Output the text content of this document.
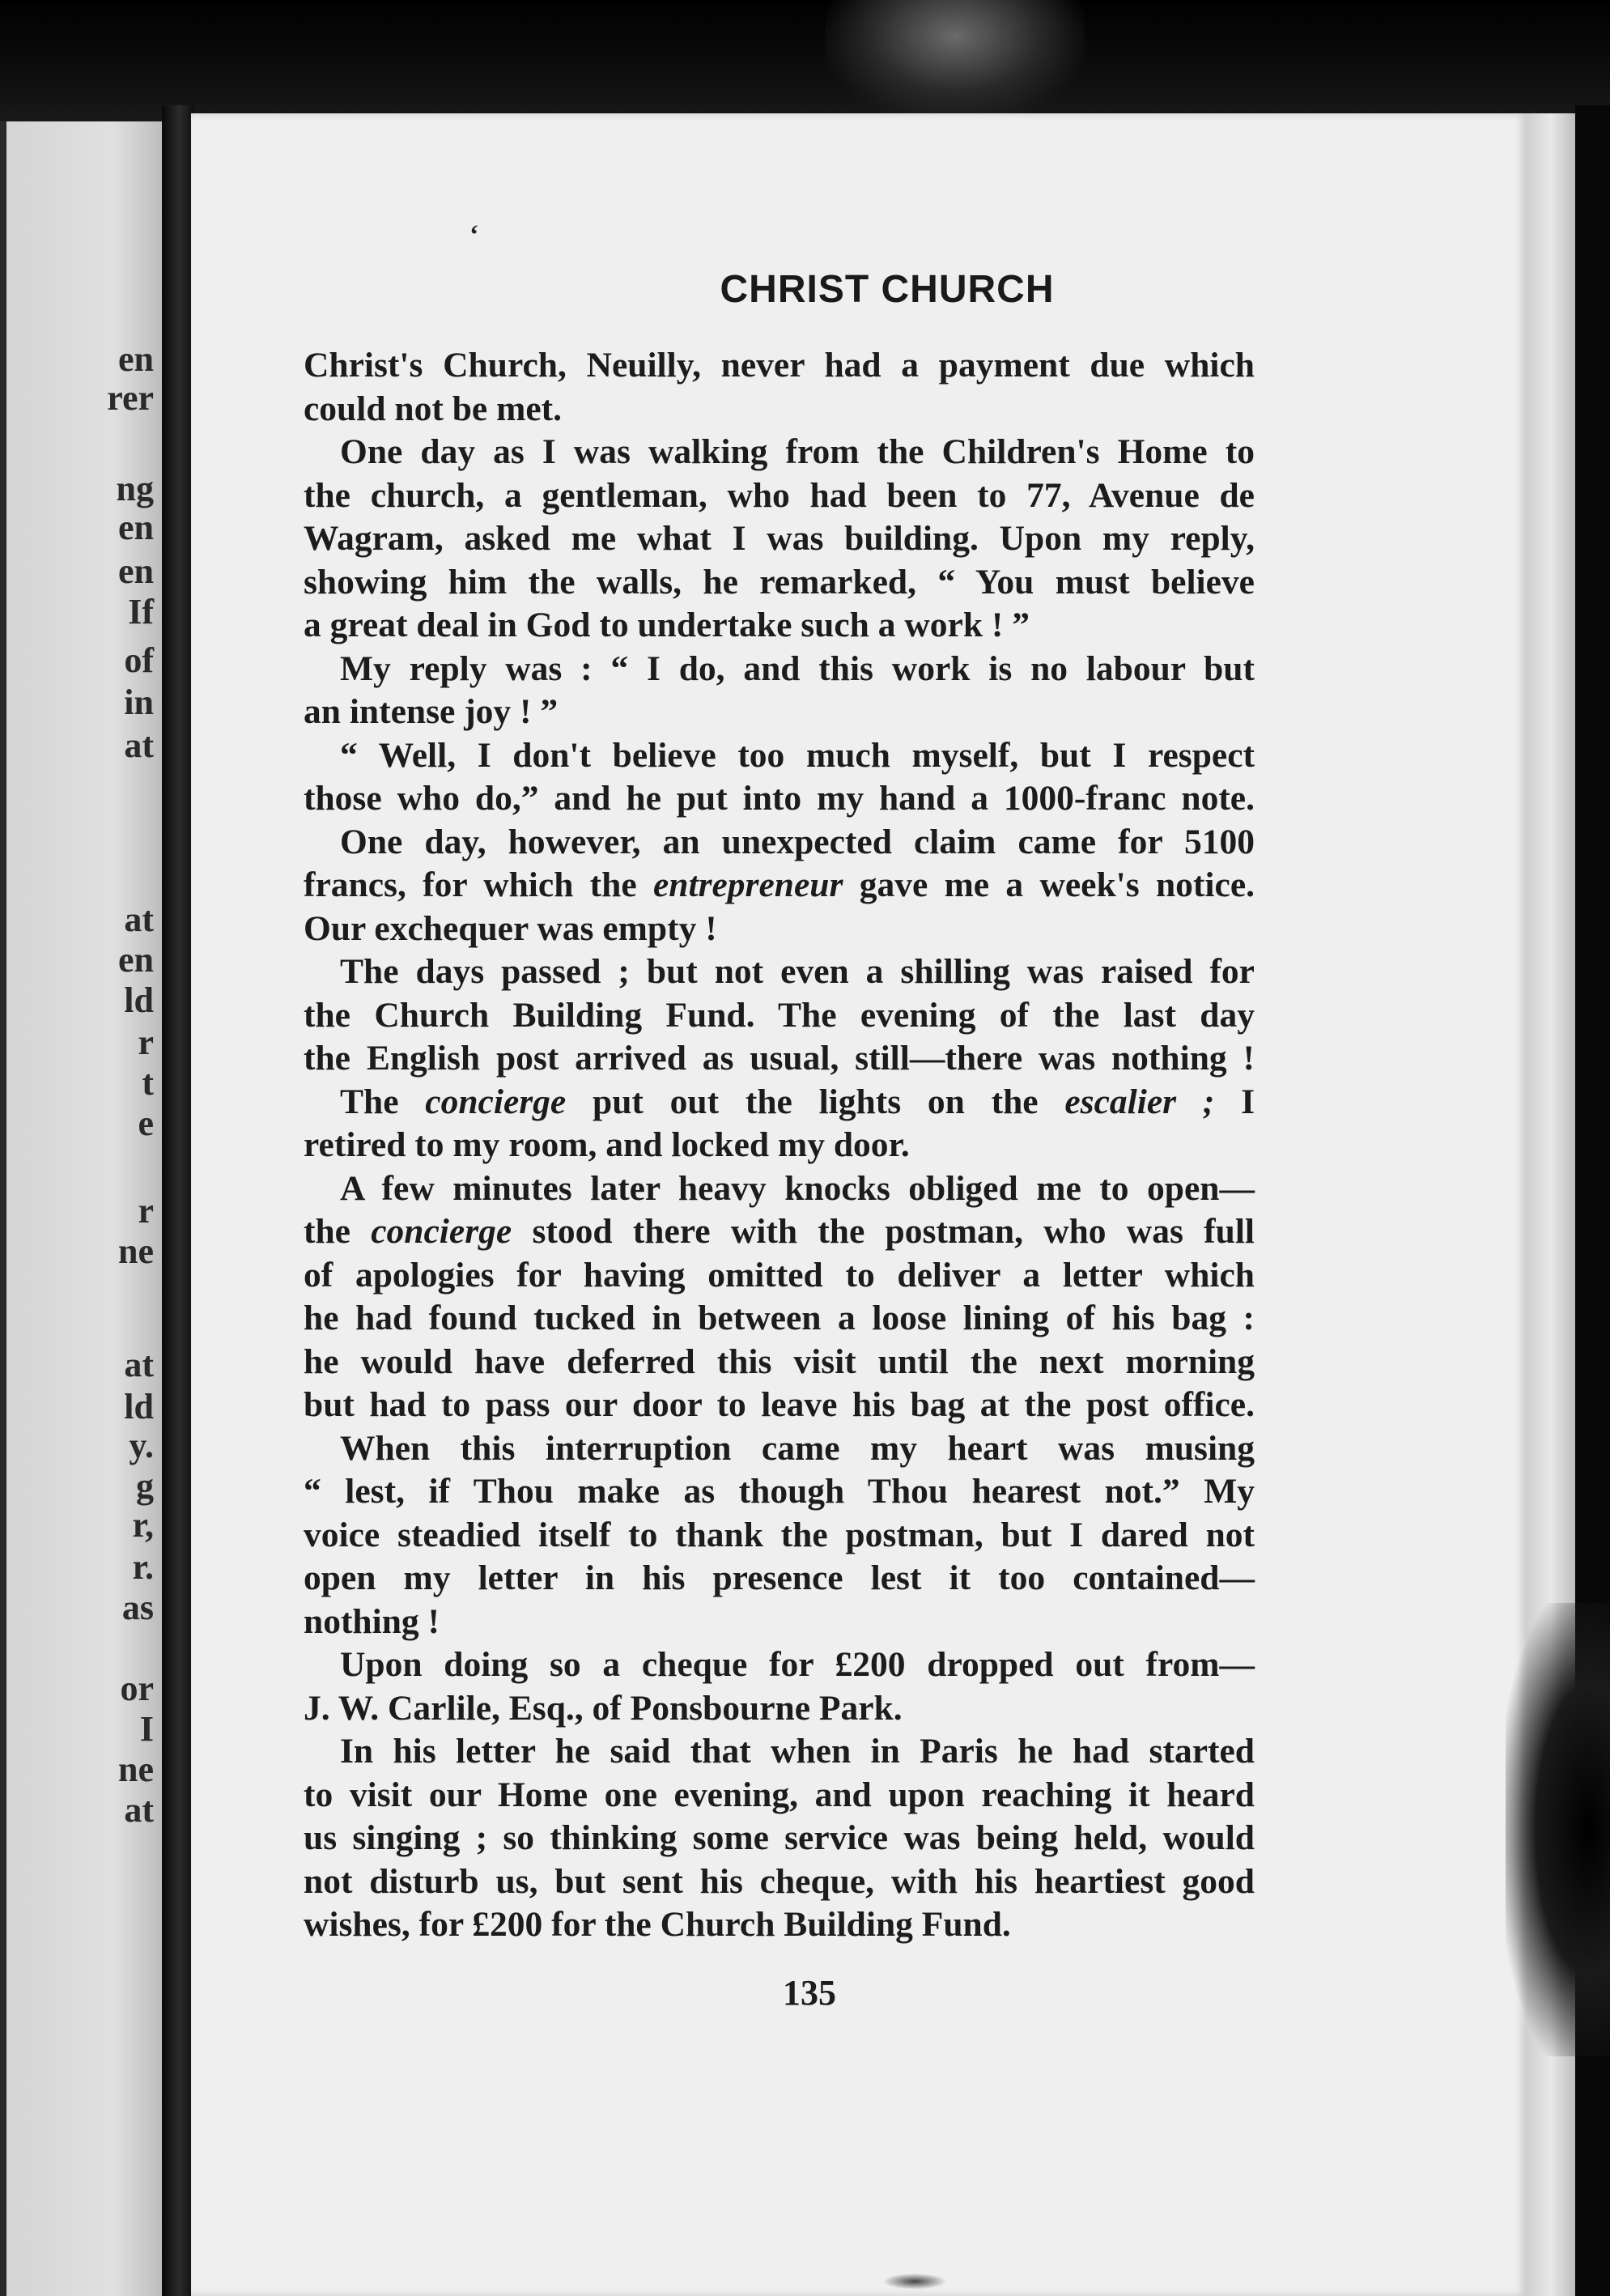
en
rer
ng
en
en
If
of
in
at
at
en
ld
r
t
e
r
ne
at
ld
y.
g
r,
r.
as
or
I
ne
at
‘
CHRIST CHURCH
Christ's Church, Neuilly, never had a payment due which
could not be met.
One day as I was walking from the Children's Home to
the church, a gentleman, who had been to 77, Avenue de
Wagram, asked me what I was building. Upon my reply,
showing him the walls, he remarked, “ You must believe
a great deal in God to undertake such a work ! ”
My reply was : “ I do, and this work is no labour but
an intense joy ! ”
“ Well, I don't believe too much myself, but I respect
those who do,” and he put into my hand a 1000-franc note.
One day, however, an unexpected claim came for 5100
francs, for which the entrepreneur gave me a week's notice.
Our exchequer was empty !
The days passed ; but not even a shilling was raised for
the Church Building Fund. The evening of the last day
the English post arrived as usual, still—there was nothing !
The concierge put out the lights on the escalier ; I
retired to my room, and locked my door.
A few minutes later heavy knocks obliged me to open—
the concierge stood there with the postman, who was full
of apologies for having omitted to deliver a letter which
he had found tucked in between a loose lining of his bag :
he would have deferred this visit until the next morning
but had to pass our door to leave his bag at the post office.
When this interruption came my heart was musing
“ lest, if Thou make as though Thou hearest not.” My
voice steadied itself to thank the postman, but I dared not
open my letter in his presence lest it too contained—
nothing !
Upon doing so a cheque for £200 dropped out from—
J. W. Carlile, Esq., of Ponsbourne Park.
In his letter he said that when in Paris he had started
to visit our Home one evening, and upon reaching it heard
us singing ; so thinking some service was being held, would
not disturb us, but sent his cheque, with his heartiest good
wishes, for £200 for the Church Building Fund.
135
